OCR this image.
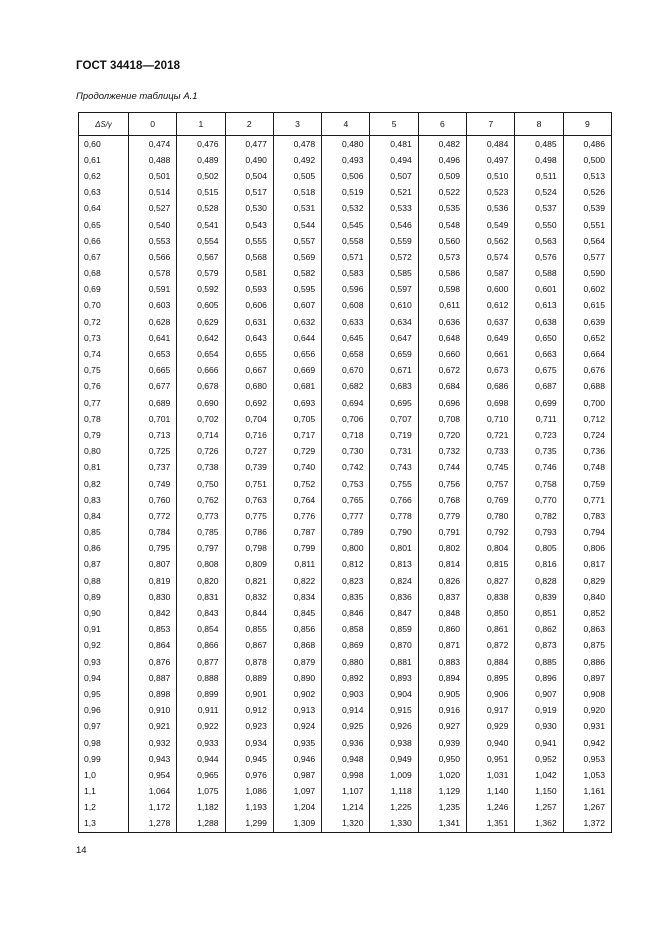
ГОСТ 34418—2018
Продолжение таблицы А.1
ΔS/γ	0	1	2	3	4	5	6	7	8	9
0,60	0,474	0,476	0,477	0,478	0,480	0,481	0,482	0,484	0,485	0,486
0,61	0,488	0,489	0,490	0,492	0,493	0,494	0,496	0,497	0,498	0,500
0,62	0,501	0,502	0,504	0,505	0,506	0,507	0,509	0,510	0,511	0,513
0,63	0,514	0,515	0,517	0,518	0,519	0,521	0,522	0,523	0,524	0,526
0,64	0,527	0,528	0,530	0,531	0,532	0,533	0,535	0,536	0,537	0,539
0,65	0,540	0,541	0,543	0,544	0,545	0,546	0,548	0,549	0,550	0,551
0,66	0,553	0,554	0,555	0,557	0,558	0,559	0,560	0,562	0,563	0,564
0,67	0,566	0,567	0,568	0,569	0,571	0,572	0,573	0,574	0,576	0,577
0,68	0,578	0,579	0,581	0,582	0,583	0,585	0,586	0,587	0,588	0,590
0,69	0,591	0,592	0,593	0,595	0,596	0,597	0,598	0,600	0,601	0,602
0,70	0,603	0,605	0,606	0,607	0,608	0,610	0,611	0,612	0,613	0,615
0,72	0,628	0,629	0,631	0,632	0,633	0,634	0,636	0,637	0,638	0,639
0,73	0,641	0,642	0,643	0,644	0,645	0,647	0,648	0,649	0,650	0,652
0,74	0,653	0,654	0,655	0,656	0,658	0,659	0,660	0,661	0,663	0,664
0,75	0,665	0,666	0,667	0,669	0,670	0,671	0,672	0,673	0,675	0,676
0,76	0,677	0,678	0,680	0,681	0,682	0,683	0,684	0,686	0,687	0,688
0,77	0,689	0,690	0,692	0,693	0,694	0,695	0,696	0,698	0,699	0,700
0,78	0,701	0,702	0,704	0,705	0,706	0,707	0,708	0,710	0,711	0,712
0,79	0,713	0,714	0,716	0,717	0,718	0,719	0,720	0,721	0,723	0,724
0,80	0,725	0,726	0,727	0,729	0,730	0,731	0,732	0,733	0,735	0,736
0,81	0,737	0,738	0,739	0,740	0,742	0,743	0,744	0,745	0,746	0,748
0,82	0,749	0,750	0,751	0,752	0,753	0,755	0,756	0,757	0,758	0,759
0,83	0,760	0,762	0,763	0,764	0,765	0,766	0,768	0,769	0,770	0,771
0,84	0,772	0,773	0,775	0,776	0,777	0,778	0,779	0,780	0,782	0,783
0,85	0,784	0,785	0,786	0,787	0,789	0,790	0,791	0,792	0,793	0,794
0,86	0,795	0,797	0,798	0,799	0,800	0,801	0,802	0,804	0,805	0,806
0,87	0,807	0,808	0,809	0,811	0,812	0,813	0,814	0,815	0,816	0,817
0,88	0,819	0,820	0,821	0,822	0,823	0,824	0,826	0,827	0,828	0,829
0,89	0,830	0,831	0,832	0,834	0,835	0,836	0,837	0,838	0,839	0,840
0,90	0,842	0,843	0,844	0,845	0,846	0,847	0,848	0,850	0,851	0,852
0,91	0,853	0,854	0,855	0,856	0,858	0,859	0,860	0,861	0,862	0,863
0,92	0,864	0,866	0,867	0,868	0,869	0,870	0,871	0,872	0,873	0,875
0,93	0,876	0,877	0,878	0,879	0,880	0,881	0,883	0,884	0,885	0,886
0,94	0,887	0,888	0,889	0,890	0,892	0,893	0,894	0,895	0,896	0,897
0,95	0,898	0,899	0,901	0,902	0,903	0,904	0,905	0,906	0,907	0,908
0,96	0,910	0,911	0,912	0,913	0,914	0,915	0,916	0,917	0,919	0,920
0,97	0,921	0,922	0,923	0,924	0,925	0,926	0,927	0,929	0,930	0,931
0,98	0,932	0,933	0,934	0,935	0,936	0,938	0,939	0,940	0,941	0,942
0,99	0,943	0,944	0,945	0,946	0,948	0,949	0,950	0,951	0,952	0,953
1,0	0,954	0,965	0,976	0,987	0,998	1,009	1,020	1,031	1,042	1,053
1,1	1,064	1,075	1,086	1,097	1,107	1,118	1,129	1,140	1,150	1,161
1,2	1,172	1,182	1,193	1,204	1,214	1,225	1,235	1,246	1,257	1,267
1,3	1,278	1,288	1,299	1,309	1,320	1,330	1,341	1,351	1,362	1,372
14
